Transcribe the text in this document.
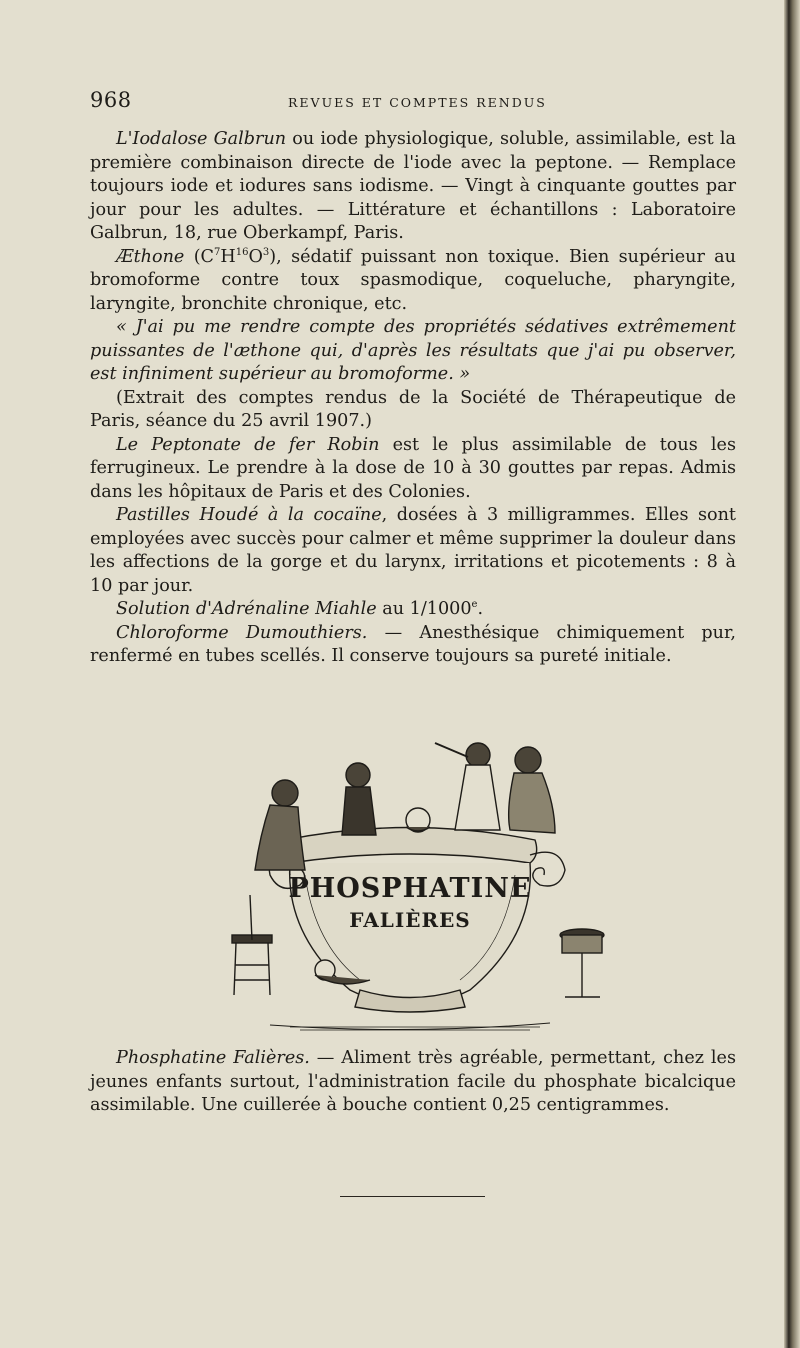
968	REVUES ET COMPTES RENDUS

L'Iodalose Galbrun ou iode physiologique, soluble, assimilable, est la première combinaison directe de l'iode avec la peptone. — Remplace toujours iode et iodures sans iodisme. — Vingt à cinquante gouttes par jour pour les adultes. — Littérature et échantillons : Laboratoire Galbrun, 18, rue Oberkampf, Paris.

Æthone $(C^7H^{16}O^3)$, sédatif puissant non toxique. Bien supérieur au bromoforme contre toux spasmodique, coqueluche, pharyngite, laryngite, bronchite chronique, etc.

« J'ai pu me rendre compte des propriétés sédatives extrêmement puissantes de l'æthone qui, d'après les résultats que j'ai pu observer, est infiniment supérieur au bromoforme. »

(Extrait des comptes rendus de la Société de Thérapeutique de Paris, séance du 25 avril 1907.)

Le Peptonate de fer Robin est le plus assimilable de tous les ferrugineux. Le prendre à la dose de 10 à 30 gouttes par repas. Admis dans les hôpitaux de Paris et des Colonies.

Pastilles Houdé à la cocaïne, dosées à 3 milligrammes. Elles sont employées avec succès pour calmer et même supprimer la douleur dans les affections de la gorge et du larynx, irritations et picotements : 8 à 10 par jour.

Solution d'Adrénaline Miahle au 1/1000e.

Chloroforme Dumouthiers. — Anesthésique chimiquement pur, renfermé en tubes scellés. Il conserve toujours sa pureté initiale.

PHOSPHATINE
FALIÈRES

Phosphatine Falières. — Aliment très agréable, permettant, chez les jeunes enfants surtout, l'administration facile du phosphate bicalcique assimilable. Une cuillerée à bouche contient 0,25 centigrammes.
